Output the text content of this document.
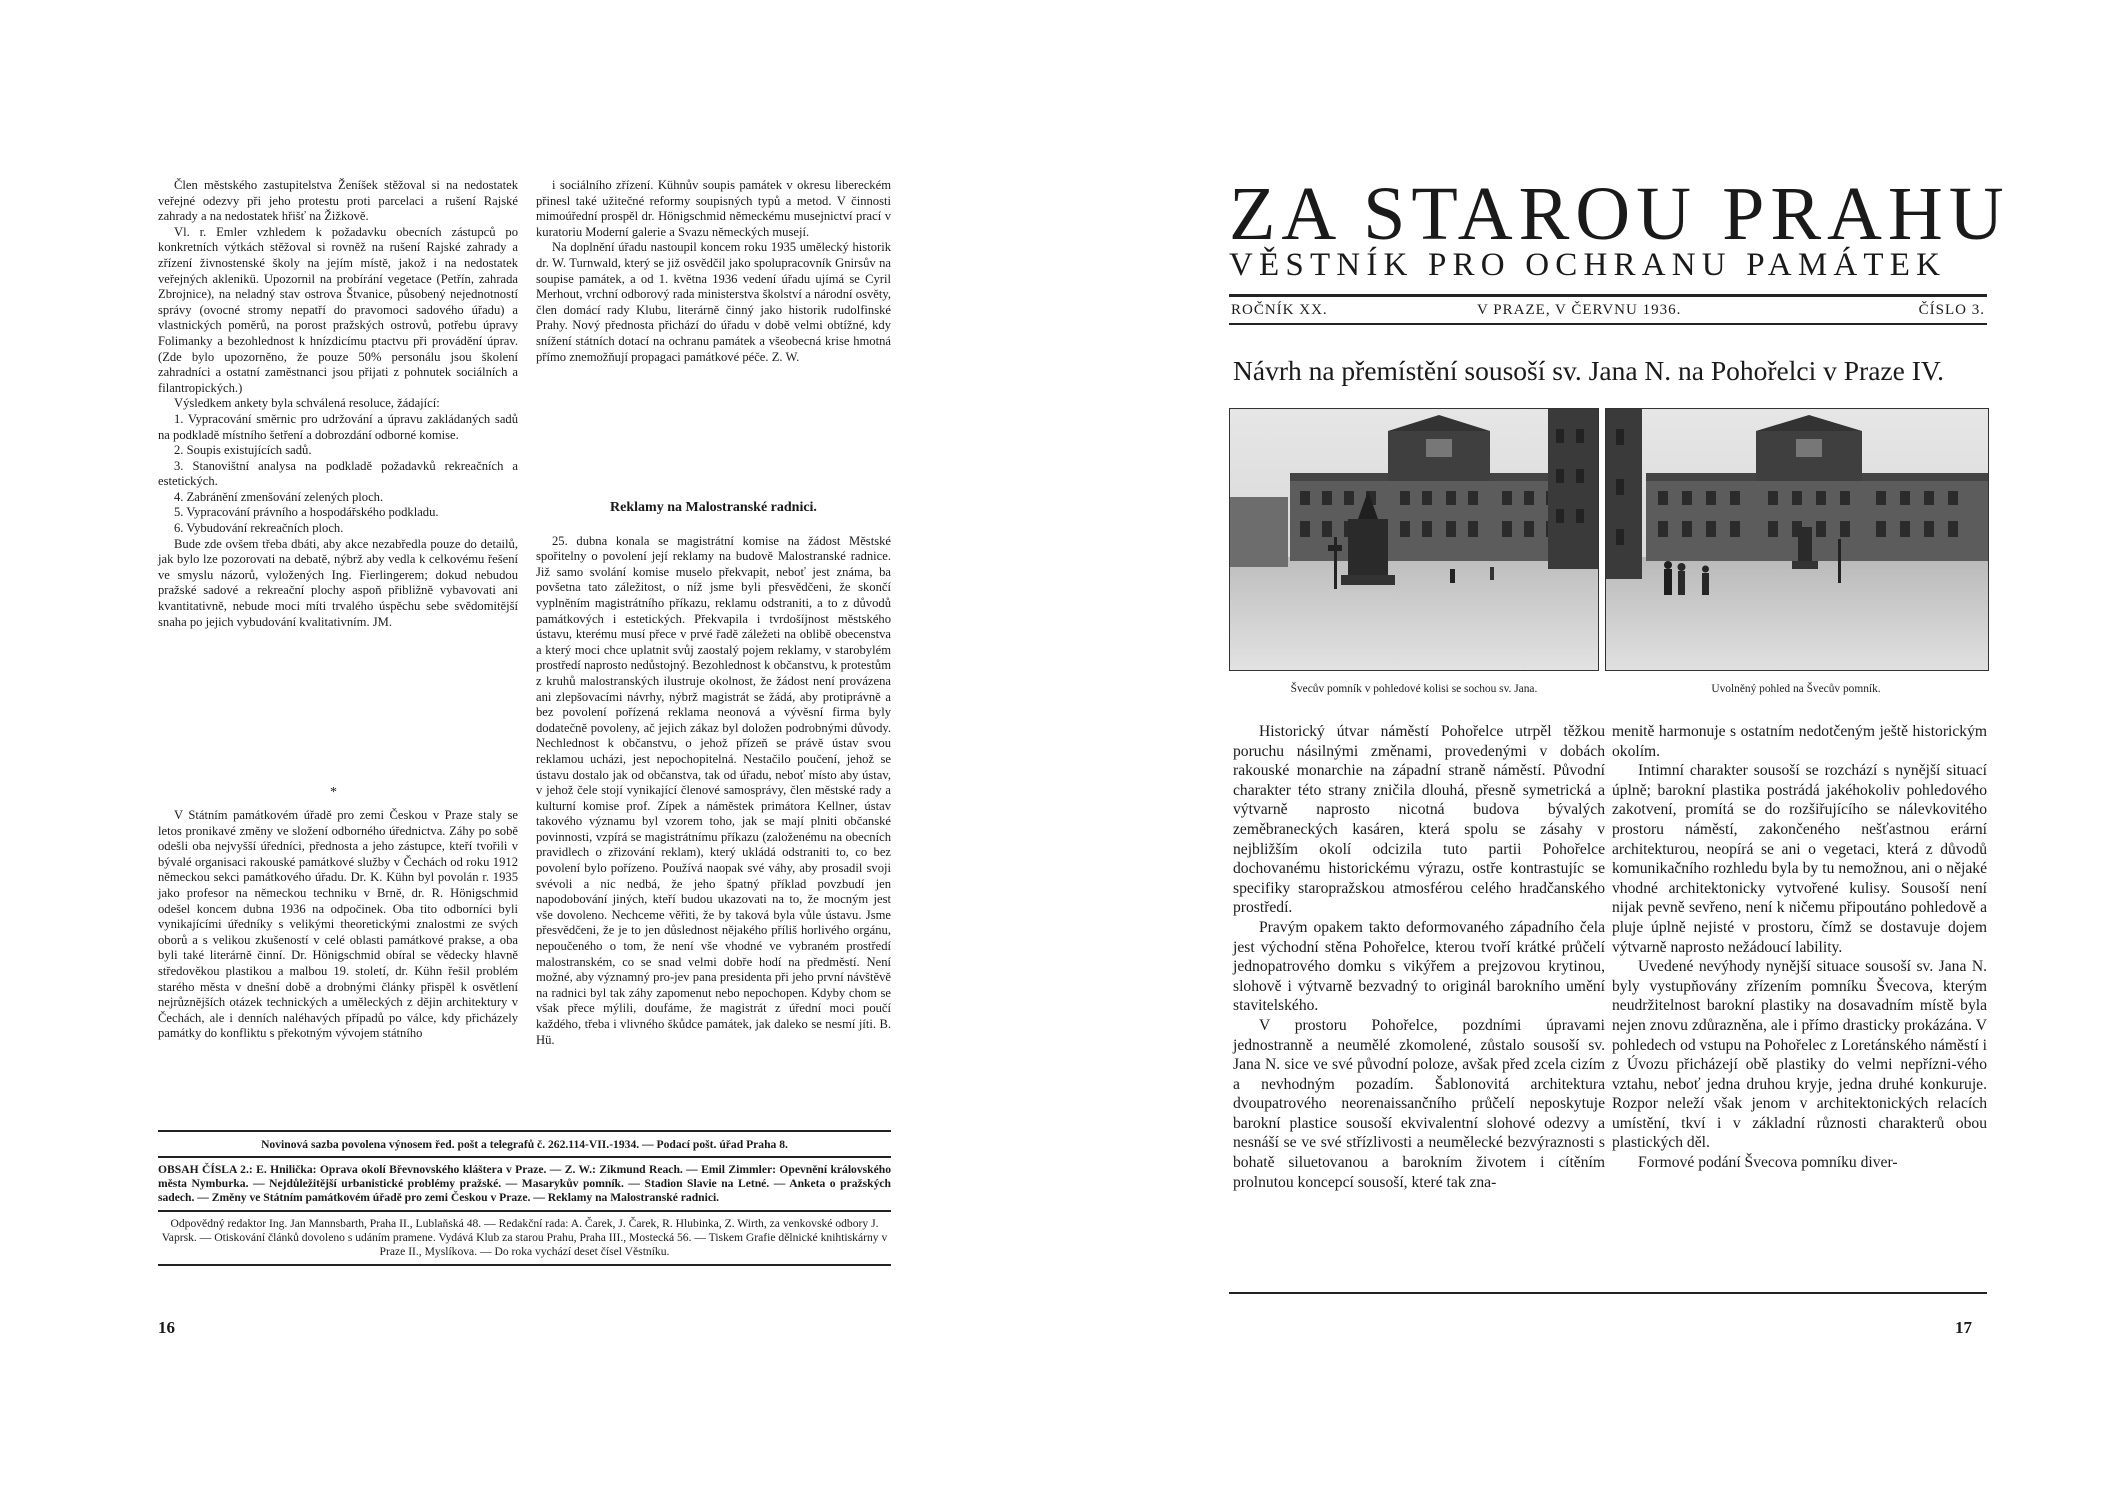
Člen městského zastupitelstva Ženíšek stěžoval si na nedostatek veřejné odezvy při jeho protestu proti parcelaci a rušení Rajské zahrady a na nedostatek hřišť na Žižkově.

Vl. r. Emler vzhledem k požadavku obecních zástupců po konkretních výtkách stěžoval si rovněž na rušení Rajské zahrady a zřízení živnostenské školy na jejím místě, jakož i na nedostatek veřejných aklenikü. Upozornil na probírání vegetace (Petřín, zahrada Zbrojnice), na neladný stav ostrova Štvanice, působený nejednotností správy (ovocné stromy nepatří do pravomoci sadového úřadu) a vlastnických poměrů, na porost pražských ostrovů, potřebu úpravy Folimanky a bezohlednost k hnízdicímu ptactvu při provádění úprav. (Zde bylo upozorněno, že pouze 50% personálu jsou školení zahradníci a ostatní zaměstnanci jsou přijati z pohnutek sociálních a filantropických.)

Výsledkem ankety byla schválená resoluce, žádající:

1. Vypracování směrnic pro udržování a úpravu zakládaných sadů na podkladě místního šetření a dobrozdání odborné komise.

2. Soupis existujících sadů.

3. Stanovištní analysa na podkladě požadavků rekreačních a estetických.

4. Zabránění zmenšování zelených ploch.

5. Vypracování právního a hospodářského podkladu.

6. Vybudování rekreačních ploch.

Bude zde ovšem třeba dbáti, aby akce nezabředla pouze do detailů, jak bylo lze pozorovati na debatě, nýbrž aby vedla k celkovému řešení ve smyslu názorů, vyložených Ing. Fierlingerem; dokud nebudou pražské sadové a rekreační plochy aspoň přibližně vybavovati ani kvantitativně, nebude moci míti trvalého úspěchu sebe svědomitější snaha po jejich vybudování kvalitativním. JM.

*

V Státním památkovém úřadě pro zemi Českou v Praze staly se letos pronikavé změny ve složení odborného úřednictva. Záhy po sobě odešli oba nejvyšší úředníci, přednosta a jeho zástupce, kteří tvořili v bývalé organisaci rakouské památkové služby v Čechách od roku 1912 německou sekci památkového úřadu. Dr. K. Kühn byl povolán r. 1935 jako profesor na německou techniku v Brně, dr. R. Hönigschmid odešel koncem dubna 1936 na odpočinek. Oba tito odborníci byli vynikajícími úředníky s velikými theoretickými znalostmi ze svých oborů a s velikou zkušeností v celé oblasti památkové prakse, a oba byli také literárně činní. Dr. Hönigschmid obíral se vědecky hlavně středověkou plastikou a malbou 19. století, dr. Kühn řešil problém starého města v dnešní době a drobnými články přispěl k osvětlení nejrůznějších otázek technických a uměleckých z dějin architektury v Čechách, ale i denních naléhavých případů po válce, kdy přicházely památky do konfliktu s překotným vývojem státního

i sociálního zřízení. Kühnův soupis památek v okresu libereckém přinesl také užitečné reformy soupisných typů a metod. V činnosti mimoúřední prospěl dr. Hönigschmid německému musejnictví prací v kuratoriu Moderní galerie a Svazu německých musejí.

Na doplnění úřadu nastoupil koncem roku 1935 umělecký historik dr. W. Turnwald, který se již osvědčil jako spolupracovník Gnirsův na soupise památek, a od 1. května 1936 vedení úřadu ujímá se Cyril Merhout, vrchní odborový rada ministerstva školství a národní osvěty, člen domácí rady Klubu, literárně činný jako historik rudolfinské Prahy. Nový přednosta přichází do úřadu v době velmi obtížné, kdy snížení státních dotací na ochranu památek a všeobecná krise hmotná přímo znemožňují propagaci památkové péče. Z. W.

Reklamy na Malostranské radnici.

25. dubna konala se magistrátní komise na žádost Městské spořitelny o povolení její reklamy na budově Malostranské radnice. Již samo svolání komise muselo překvapit, neboť jest známa, ba povšetna tato záležitost, o níž jsme byli přesvědčeni, že skončí vyplněním magistrátního příkazu, reklamu odstraniti, a to z důvodů památkových i estetických. Překvapila i tvrdošíjnost městského ústavu, kterému musí přece v prvé řadě záležeti na oblibě obecenstva a který moci chce uplatnit svůj zaostalý pojem reklamy, v starobylém prostředí naprosto nedůstojný. Bezohlednost k občanstvu, k protestům z kruhů malostranských ilustruje okolnost, že žádost není provázena ani zlepšovacími návrhy, nýbrž magistrát se žádá, aby protiprávně a bez povolení pořízená reklama neonová a vývěsní firma byly dodatečně povoleny, ač jejich zákaz byl doložen podrobnými důvody. Nechlednost k občanstvu, o jehož přízeň se právě ústav svou reklamou ucházi, jest nepochopitelná. Nestačilo poučení, jehož se ústavu dostalo jak od občanstva, tak od úřadu, neboť místo aby ústav, v jehož čele stojí vynikající členové samosprávy, člen městské rady a kulturní komise prof. Zípek a náměstek primátora Kellner, ústav takového významu byl vzorem toho, jak se mají plniti občanské povinnosti, vzpírá se magistrátnímu příkazu (založenému na obecních pravidlech o zřizování reklam), který ukládá odstraniti to, co bez povolení bylo pořízeno. Používá naopak své váhy, aby prosadil svoji svévoli a nic nedbá, že jeho špatný příklad povzbudí jen napodobování jiných, kteří budou ukazovati na to, že mocným jest vše dovoleno. Nechceme věřiti, že by taková byla vůle ústavu. Jsme přesvědčeni, že je to jen důslednost nějakého příliš horlivého orgánu, nepoučeného o tom, že není vše vhodné ve vybraném prostředí malostranském, co se snad velmi dobře hodí na předměstí. Není možné, aby významný pro-jev pana presidenta při jeho první návštěvě na radnici byl tak záhy zapomenut nebo nepochopen. Kdyby chom se však přece mýlili, doufáme, že magistrát z úřední moci poučí každého, třeba i vlivného škůdce památek, jak daleko se nesmí jíti. B. Hü.

Novinová sazba povolena výnosem řed. pošt a telegrafů č. 262.114-VII.-1934. — Podací pošt. úřad Praha 8.
OBSAH ČÍSLA 2.: E. Hnilička: Oprava okolí Břevnovského kláštera v Praze. — Z. W.: Zikmund Reach. — Emil Zimmler: Opevnění královského města Nymburka. — Nejdůležitější urbanistické problémy pražské. — Masarykův pomník. — Stadion Slavie na Letné. — Anketa o pražských sadech. — Změny ve Státním památkovém úřadě pro zemi Českou v Praze. — Reklamy na Malostranské radnici.
Odpovědný redaktor Ing. Jan Mannsbarth, Praha II., Lublaňská 48. — Redakční rada: A. Čarek, J. Čarek, R. Hlubinka, Z. Wirth, za venkovské odbory J. Vaprsk. — Otiskování článků dovoleno s udáním pramene. Vydává Klub za starou Prahu, Praha III., Mostecká 56. — Tiskem Grafie dělnické knihtiskárny v Praze II., Myslíkova. — Do roka vychází deset čísel Věstníku.
16
ZA STAROU PRAHU
VĚSTNÍK PRO OCHRANU PAMÁTEK
ROČNÍK XX.	V PRAZE, V ČERVNU 1936.	ČÍSLO 3.
Návrh na přemístění sousoší sv. Jana N. na Pohořelci v Praze IV.
Švecův pomník v pohledové kolisi se sochou sv. Jana.	Uvolněný pohled na Švecův pomník.

Historický útvar náměstí Pohořelce utrpěl těžkou poruchu násilnými změnami, provedenými v dobách rakouské monarchie na západní straně náměstí. Původní charakter této strany zničila dlouhá, přesně symetrická a výtvarně naprosto nicotná budova bývalých zeměbraneckých kasáren, která spolu se zásahy v nejbližším okolí odcizila tuto partii Pohořelce dochovanému historickému výrazu, ostře kontrastujíc se specifiky staropražskou atmosférou celého hradčanského prostředí.

Pravým opakem takto deformovaného západního čela jest východní stěna Pohořelce, kterou tvoří krátké průčelí jednopatrového domku s vikýřem a prejzovou krytinou, slohově i výtvarně bezvadný to originál barokního umění stavitelského.

V prostoru Pohořelce, pozdními úpravami jednostranně a neumělé zkomolené, zůstalo sousoší sv. Jana N. sice ve své původní poloze, avšak před zcela cizím a nevhodným pozadím. Šablonovitá architektura dvoupatrového neorenaissančního průčelí neposkytuje barokní plastice sousoší ekvivalentní slohové odezvy a nesnáší se ve své střízlivosti a neumělecké bezvýraznosti s bohatě siluetovanou a barokním životem i cítěním prolnutou koncepcí sousoší, které tak zna-

menitě harmonuje s ostatním nedotčeným ještě historickým okolím.

Intimní charakter sousoší se rozchází s nynější situací úplně; barokní plastika postrádá jakéhokoliv pohledového zakotvení, promítá se do rozšiřujícího se nálevkovitého prostoru náměstí, zakončeného nešťastnou erární architekturou, neopírá se ani o vegetaci, která z důvodů komunikačního rozhledu byla by tu nemožnou, ani o nějaké vhodné architektonicky vytvořené kulisy. Sousoší není nijak pevně sevřeno, není k ničemu připoutáno pohledově a pluje úplně nejisté v prostoru, čímž se dostavuje dojem výtvarně naprosto nežádoucí lability.

Uvedené nevýhody nynější situace sousoší sv. Jana N. byly vystupňovány zřízením pomníku Švecova, kterým neudržitelnost barokní plastiky na dosavadním místě byla nejen znovu zdůrazněna, ale i přímo drasticky prokázána. V pohledech od vstupu na Pohořelec z Loretánského náměstí i z Úvozu přicházejí obě plastiky do velmi nepřízni-vého vztahu, neboť jedna druhou kryje, jedna druhé konkuruje. Rozpor neleží však jenom v architektonických relacích umístění, tkví i v základní různosti charakterů obou plastických děl.

Formové podání Švecova pomníku diver-

17
